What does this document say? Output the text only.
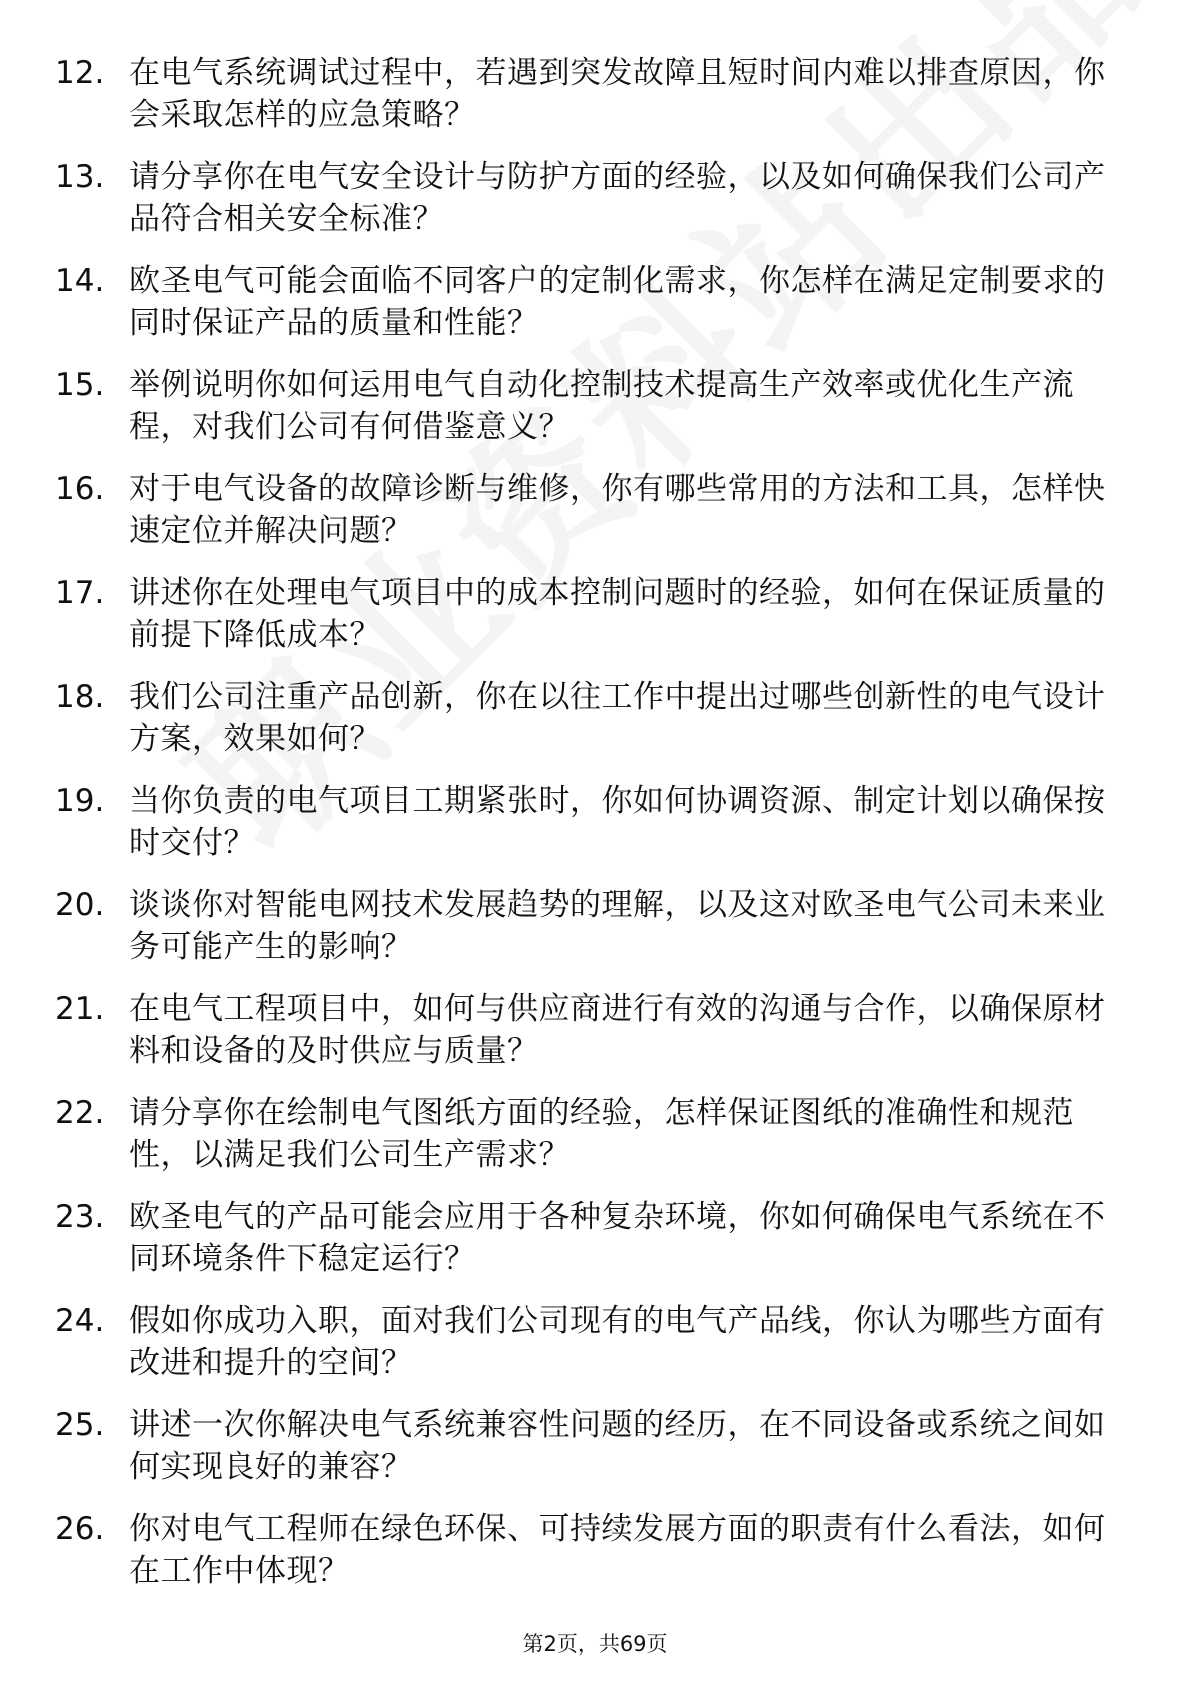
12. 在电气系统调试过程中，若遇到突发故障且短时间内难以排查原因，你会采取怎样的应急策略？
13. 请分享你在电气安全设计与防护方面的经验，以及如何确保我们公司产品符合相关安全标准？
14. 欧圣电气可能会面临不同客户的定制化需求，你怎样在满足定制要求的同时保证产品的质量和性能？
15. 举例说明你如何运用电气自动化控制技术提高生产效率或优化生产流程，对我们公司有何借鉴意义？
16. 对于电气设备的故障诊断与维修，你有哪些常用的方法和工具，怎样快速定位并解决问题？
17. 讲述你在处理电气项目中的成本控制问题时的经验，如何在保证质量的前提下降低成本？
18. 我们公司注重产品创新，你在以往工作中提出过哪些创新性的电气设计方案，效果如何？
19. 当你负责的电气项目工期紧张时，你如何协调资源、制定计划以确保按时交付？
20. 谈谈你对智能电网技术发展趋势的理解，以及这对欧圣电气公司未来业务可能产生的影响？
21. 在电气工程项目中，如何与供应商进行有效的沟通与合作，以确保原材料和设备的及时供应与质量？
22. 请分享你在绘制电气图纸方面的经验，怎样保证图纸的准确性和规范性，以满足我们公司生产需求？
23. 欧圣电气的产品可能会应用于各种复杂环境，你如何确保电气系统在不同环境条件下稳定运行？
24. 假如你成功入职，面对我们公司现有的电气产品线，你认为哪些方面有改进和提升的空间？
25. 讲述一次你解决电气系统兼容性问题的经历，在不同设备或系统之间如何实现良好的兼容？
26. 你对电气工程师在绿色环保、可持续发展方面的职责有什么看法，如何在工作中体现？
第2页，共69页
